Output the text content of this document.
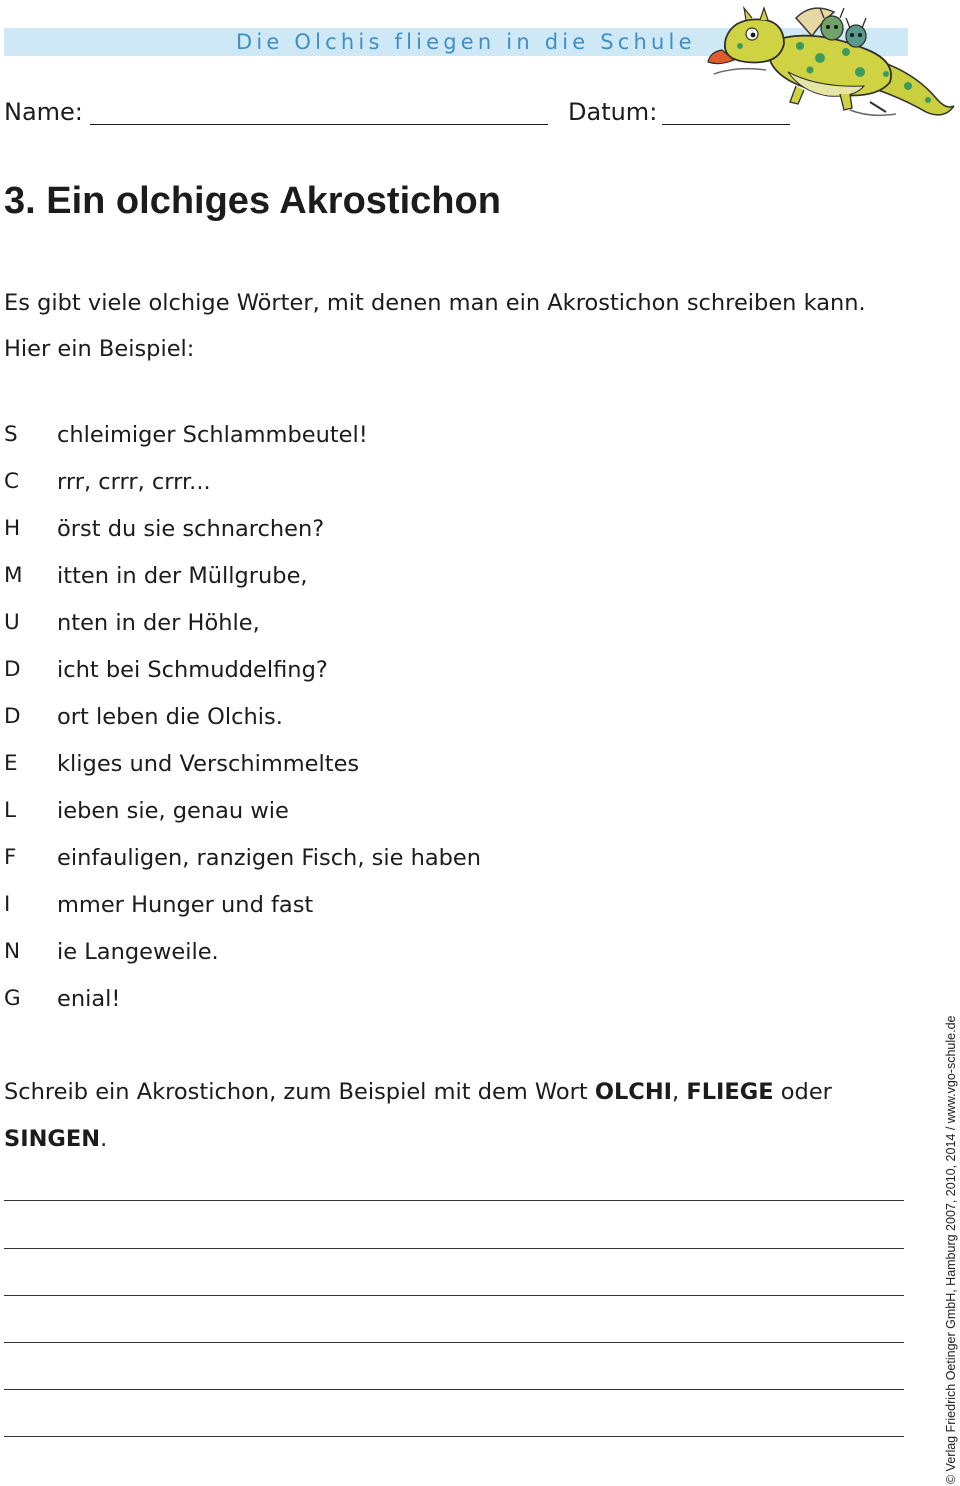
Die Olchis fliegen in die Schule
Name:	Datum:
3. Ein olchiges Akrostichon
Es gibt viele olchige Wörter, mit denen man ein Akrostichon schreiben kann.
Hier ein Beispiel:
S	chleimiger Schlammbeutel!
C	rrr, crrr, crrr...
H	örst du sie schnarchen?
M	itten in der Müllgrube,
U	nten in der Höhle,
D	icht bei Schmuddelfing?
D	ort leben die Olchis.
E	kliges und Verschimmeltes
L	ieben sie, genau wie
F	einfauligen, ranzigen Fisch, sie haben
I	mmer Hunger und fast
N	ie Langeweile.
G	enial!
Schreib ein Akrostichon, zum Beispiel mit dem Wort OLCHI, FLIEGE oder
SINGEN.	© Verlag Friedrich Oetinger GmbH, Hamburg 2007, 2010, 2014 / www.vgo-schule.de
